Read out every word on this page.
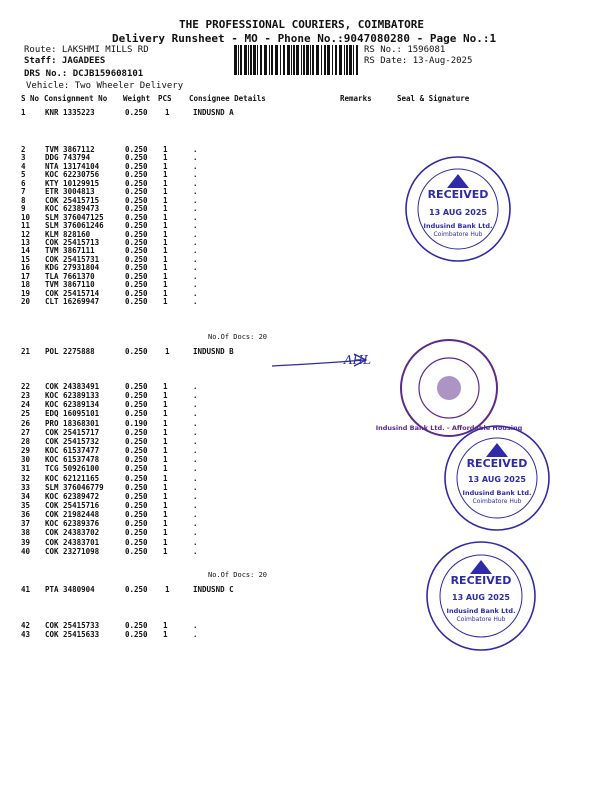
THE PROFESSIONAL COURIERS, COIMBATORE
Delivery Runsheet - MO - Phone No.:9047080280 - Page No.:1
Route: LAKSHMI MILLS RD
Staff: JAGADEES
DRS No.: DCJB159608101
Vehicle: Two Wheeler Delivery
RS No.: 1596081
RS Date: 13-Aug-2025
S No Consignment No Weight PCS Consignee Details	Remarks	Seal & Signature
1	KNR 1335223	0.250 1	INDUSND A
21 POL 2275888	0.250 1	INDUSND B
41 PTA 3480904	0.250 1	INDUSND C
2	TVM 3867112	0.250 1	.
3	DDG 743794	0.250 1	.
4	NTA 13174104	0.250 1	.
5	KOC 62230756	0.250 1	.
6	KTY 10129915	0.250 1	.
7	ETR 3004813	0.250 1	.
8	COK 25415715	0.250 1	.
9	KOC 62389473	0.250 1	.
10 SLM 376047125	0.250 1	.
11 SLM 376061246	0.250 1	.
12 KLM 828160	0.250 1	.
13 COK 25415713	0.250 1	.
14 TVM 3867111	0.250 1	.
15 COK 25415731	0.250 1	.
16 KDG 27931804	0.250 1	.
17 TLA 7661370	0.250 1	.
18 TVM 3867110	0.250 1	.
19 COK 25415714	0.250 1	.
20 CLT 16269947	0.250 1	.
22 COK 24383491	0.250 1	.
23 KOC 62389133	0.250 1	.
24 KOC 62389134	0.250 1	.
25 EDQ 16095101	0.250 1	.
26 PRO 18368301	0.190 1	.
27 COK 25415717	0.250 1	.
28 COK 25415732	0.250 1	.
29 KOC 61537477	0.250 1	.
30 KOC 61537478	0.250 1	.
31 TCG 50926100	0.250 1	.
32 KOC 62121165	0.250 1	.
33 SLM 376046779	0.250 1	.
34 KOC 62389472	0.250 1	.
35 COK 25415716	0.250 1	.
36 COK 21982448	0.250 1	.
37 KOC 62389376	0.250 1	.
38 COK 24383702	0.250 1	.
39 COK 24383701	0.250 1	.
40 COK 23271098	0.250 1	.
42 COK 25415733	0.250 1	.
43 COK 25415633	0.250 1	.
No.Of Docs: 20
No.Of Docs: 20
AHL
RECEIVED
13 AUG 2025
Indusind Bank Ltd.
Coimbatore Hub
Indusind Bank Ltd. - Affordable Housing
RECEIVED
13 AUG 2025
Indusind Bank Ltd.
Coimbatore Hub
RECEIVED
13 AUG 2025
Indusind Bank Ltd.
Coimbatore Hub
